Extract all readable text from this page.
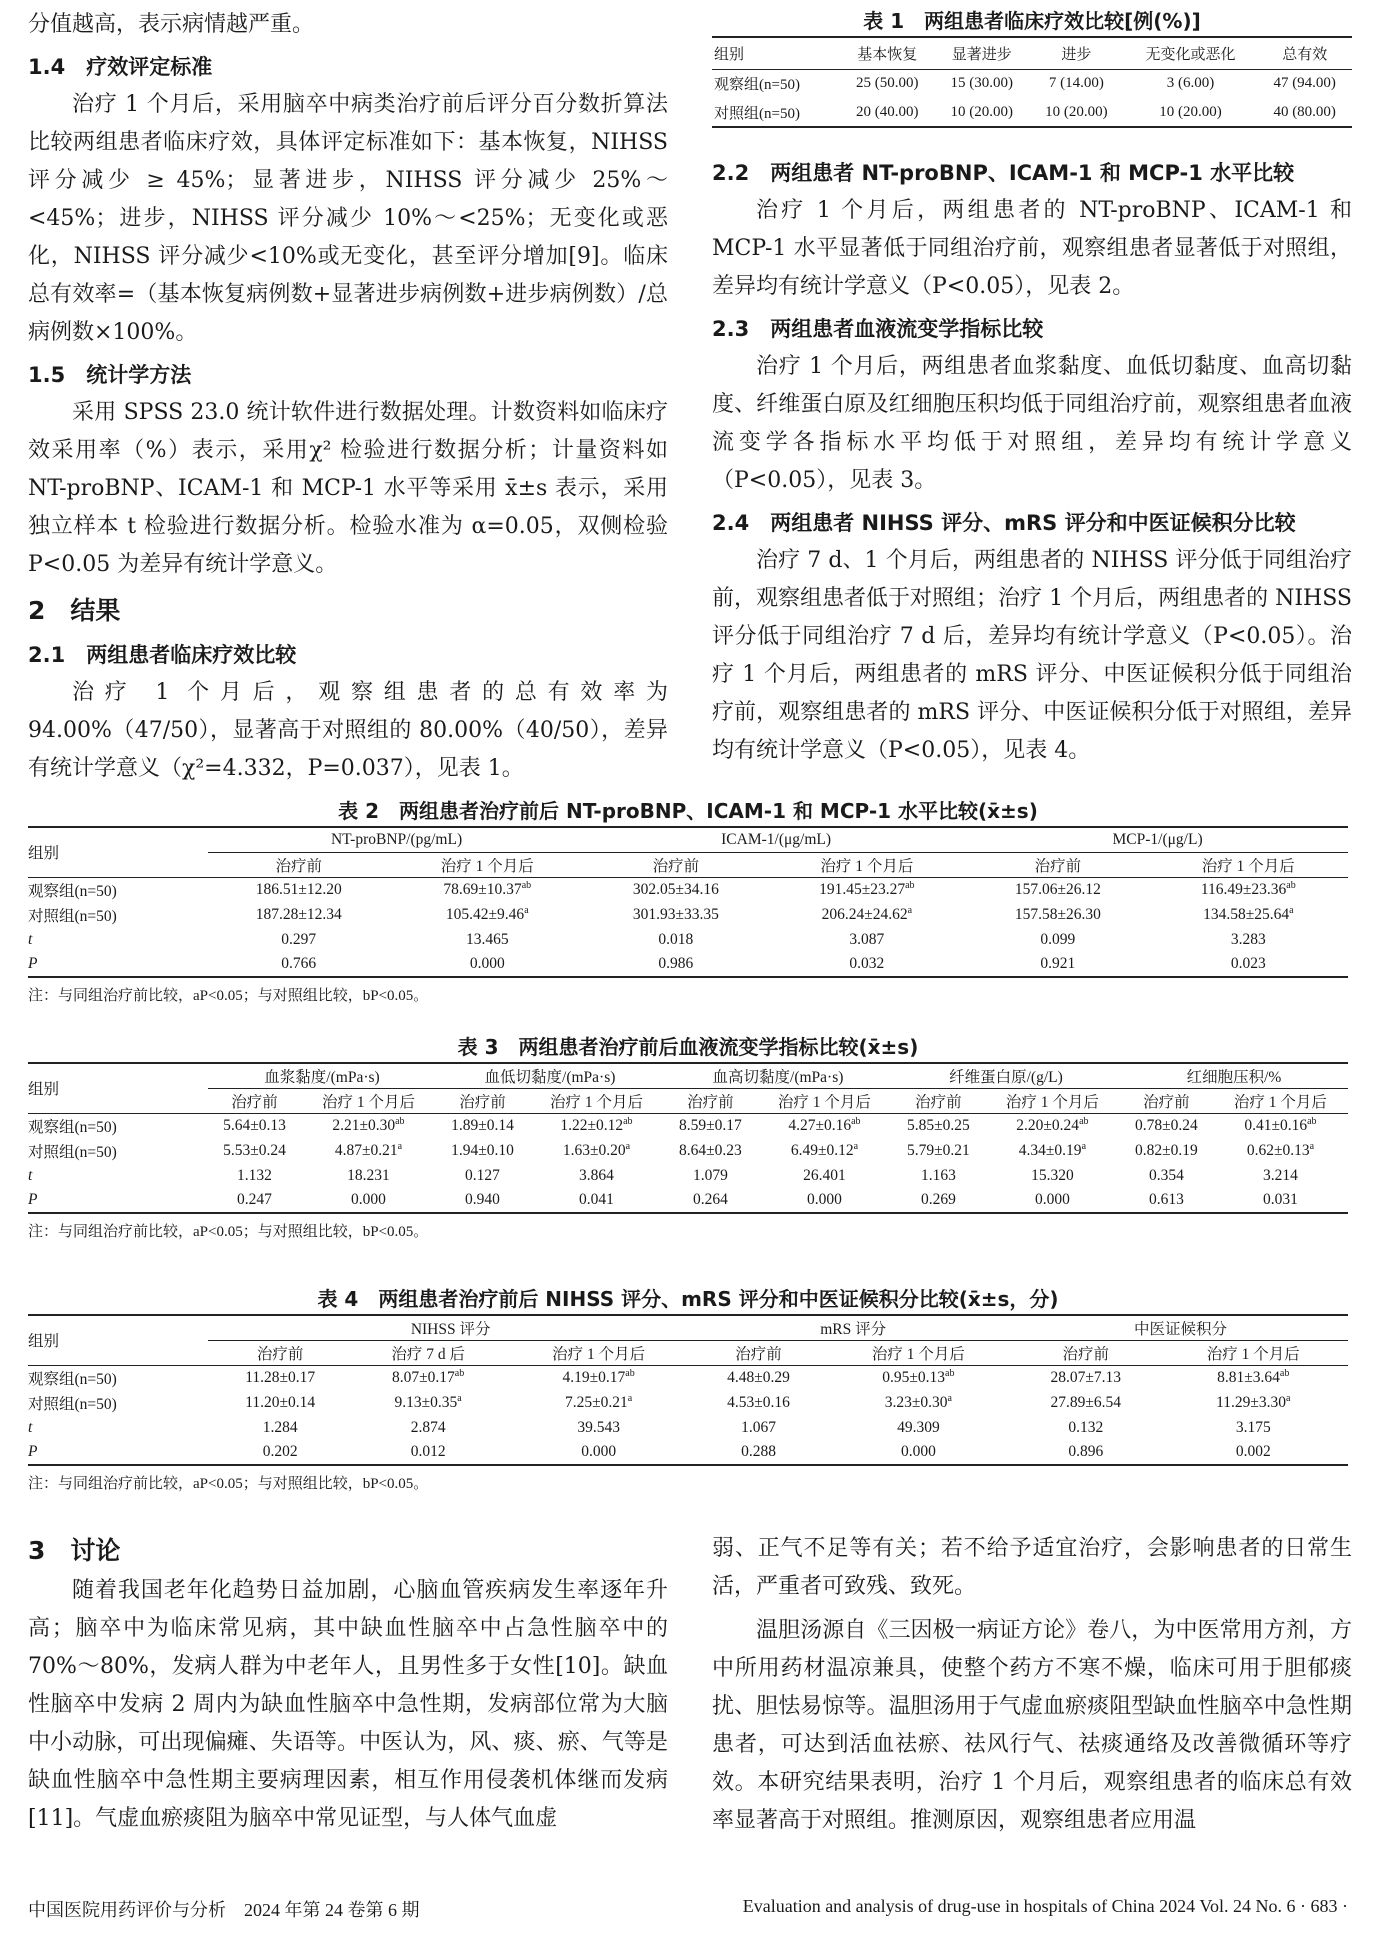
分值越高，表示病情越严重。
1.4　疗效评定标准
治疗 1 个月后，采用脑卒中病类治疗前后评分百分数折算法比较两组患者临床疗效，具体评定标准如下：基本恢复，NIHSS 评分减少 ≥ 45%；显著进步，NIHSS 评分减少 25%～<45%；进步，NIHSS 评分减少 10%～<25%；无变化或恶化，NIHSS 评分减少<10%或无变化，甚至评分增加[9]。临床总有效率=（基本恢复病例数+显著进步病例数+进步病例数）/总病例数×100%。
1.5　统计学方法
采用 SPSS 23.0 统计软件进行数据处理。计数资料如临床疗效采用率（%）表示，采用χ² 检验进行数据分析；计量资料如 NT-proBNP、ICAM-1 和 MCP-1 水平等采用 x̄±s 表示，采用独立样本 t 检验进行数据分析。检验水准为 α=0.05，双侧检验 P<0.05 为差异有统计学意义。
2　结果
2.1　两组患者临床疗效比较
治疗 1 个月后，观察组患者的总有效率为 94.00%（47/50），显著高于对照组的 80.00%（40/50），差异有统计学意义（χ²=4.332，P=0.037），见表 1。
表 1　两组患者临床疗效比较[例(%)]
组别	基本恢复	显著进步	进步	无变化或恶化	总有效
观察组(n=50)	25 (50.00)	15 (30.00)	7 (14.00)	3 (6.00)	47 (94.00)
对照组(n=50)	20 (40.00)	10 (20.00)	10 (20.00)	10 (20.00)	40 (80.00)
2.2　两组患者 NT-proBNP、ICAM-1 和 MCP-1 水平比较
治疗 1 个月后，两组患者的 NT-proBNP、ICAM-1 和 MCP-1 水平显著低于同组治疗前，观察组患者显著低于对照组，差异均有统计学意义（P<0.05），见表 2。
2.3　两组患者血液流变学指标比较
治疗 1 个月后，两组患者血浆黏度、血低切黏度、血高切黏度、纤维蛋白原及红细胞压积均低于同组治疗前，观察组患者血液流变学各指标水平均低于对照组，差异均有统计学意义（P<0.05），见表 3。
2.4　两组患者 NIHSS 评分、mRS 评分和中医证候积分比较
治疗 7 d、1 个月后，两组患者的 NIHSS 评分低于同组治疗前，观察组患者低于对照组；治疗 1 个月后，两组患者的 NIHSS 评分低于同组治疗 7 d 后，差异均有统计学意义（P<0.05）。治疗 1 个月后，两组患者的 mRS 评分、中医证候积分低于同组治疗前，观察组患者的 mRS 评分、中医证候积分低于对照组，差异均有统计学意义（P<0.05），见表 4。
表 2　两组患者治疗前后 NT-proBNP、ICAM-1 和 MCP-1 水平比较(x̄±s)
组别	NT-proBNP/(pg/mL)		ICAM-1/(μg/mL)		MCP-1/(μg/L)	
	治疗前	治疗 1 个月后	治疗前	治疗 1 个月后	治疗前	治疗 1 个月后
观察组(n=50)	186.51±12.20	78.69±10.37$^{ab}$	302.05±34.16	191.45±23.27$^{ab}$	157.06±26.12	116.49±23.36$^{ab}$
对照组(n=50)	187.28±12.34	105.42±9.46$^a$	301.93±33.35	206.24±24.62$^a$	157.58±26.30	134.58±25.64$^a$
t	0.297	13.465	0.018	3.087	0.099	3.283
P	0.766	0.000	0.986	0.032	0.921	0.023
注：与同组治疗前比较，aP<0.05；与对照组比较，bP<0.05。
表 3　两组患者治疗前后血液流变学指标比较(x̄±s)
组别	血浆黏度/(mPa·s)		血低切黏度/(mPa·s)		血高切黏度/(mPa·s)		纤维蛋白原/(g/L)		红细胞压积/%	
	治疗前	治疗 1 个月后	治疗前	治疗 1 个月后	治疗前	治疗 1 个月后	治疗前	治疗 1 个月后	治疗前	治疗 1 个月后
观察组(n=50)	5.64±0.13	2.21±0.30$^{ab}$	1.89±0.14	1.22±0.12$^{ab}$	8.59±0.17	4.27±0.16$^{ab}$	5.85±0.25	2.20±0.24$^{ab}$	0.78±0.24	0.41±0.16$^{ab}$
对照组(n=50)	5.53±0.24	4.87±0.21$^a$	1.94±0.10	1.63±0.20$^a$	8.64±0.23	6.49±0.12$^a$	5.79±0.21	4.34±0.19$^a$	0.82±0.19	0.62±0.13$^a$
t	1.132	18.231	0.127	3.864	1.079	26.401	1.163	15.320	0.354	3.214
P	0.247	0.000	0.940	0.041	0.264	0.000	0.269	0.000	0.613	0.031
注：与同组治疗前比较，aP<0.05；与对照组比较，bP<0.05。
表 4　两组患者治疗前后 NIHSS 评分、mRS 评分和中医证候积分比较(x̄±s，分)
组别	NIHSS 评分			mRS 评分		中医证候积分	
	治疗前	治疗 7 d 后	治疗 1 个月后	治疗前	治疗 1 个月后	治疗前	治疗 1 个月后
观察组(n=50)	11.28±0.17	8.07±0.17$^{ab}$	4.19±0.17$^{ab}$	4.48±0.29	0.95±0.13$^{ab}$	28.07±7.13	8.81±3.64$^{ab}$
对照组(n=50)	11.20±0.14	9.13±0.35$^a$	7.25±0.21$^a$	4.53±0.16	3.23±0.30$^a$	27.89±6.54	11.29±3.30$^a$
t	1.284	2.874	39.543	1.067	49.309	0.132	3.175
P	0.202	0.012	0.000	0.288	0.000	0.896	0.002
注：与同组治疗前比较，aP<0.05；与对照组比较，bP<0.05。
3　讨论
随着我国老年化趋势日益加剧，心脑血管疾病发生率逐年升高；脑卒中为临床常见病，其中缺血性脑卒中占急性脑卒中的 70%～80%，发病人群为中老年人，且男性多于女性[10]。缺血性脑卒中发病 2 周内为缺血性脑卒中急性期，发病部位常为大脑中小动脉，可出现偏瘫、失语等。中医认为，风、痰、瘀、气等是缺血性脑卒中急性期主要病理因素，相互作用侵袭机体继而发病[11]。气虚血瘀痰阻为脑卒中常见证型，与人体气血虚
弱、正气不足等有关；若不给予适宜治疗，会影响患者的日常生活，严重者可致残、致死。
温胆汤源自《三因极一病证方论》卷八，为中医常用方剂，方中所用药材温凉兼具，使整个药方不寒不燥，临床可用于胆郁痰扰、胆怯易惊等。温胆汤用于气虚血瘀痰阻型缺血性脑卒中急性期患者，可达到活血祛瘀、祛风行气、祛痰通络及改善微循环等疗效。本研究结果表明，治疗 1 个月后，观察组患者的临床总有效率显著高于对照组。推测原因，观察组患者应用温
中国医院用药评价与分析　2024 年第 24 卷第 6 期	Evaluation and analysis of drug-use in hospitals of China 2024 Vol. 24 No. 6 · 683 ·
